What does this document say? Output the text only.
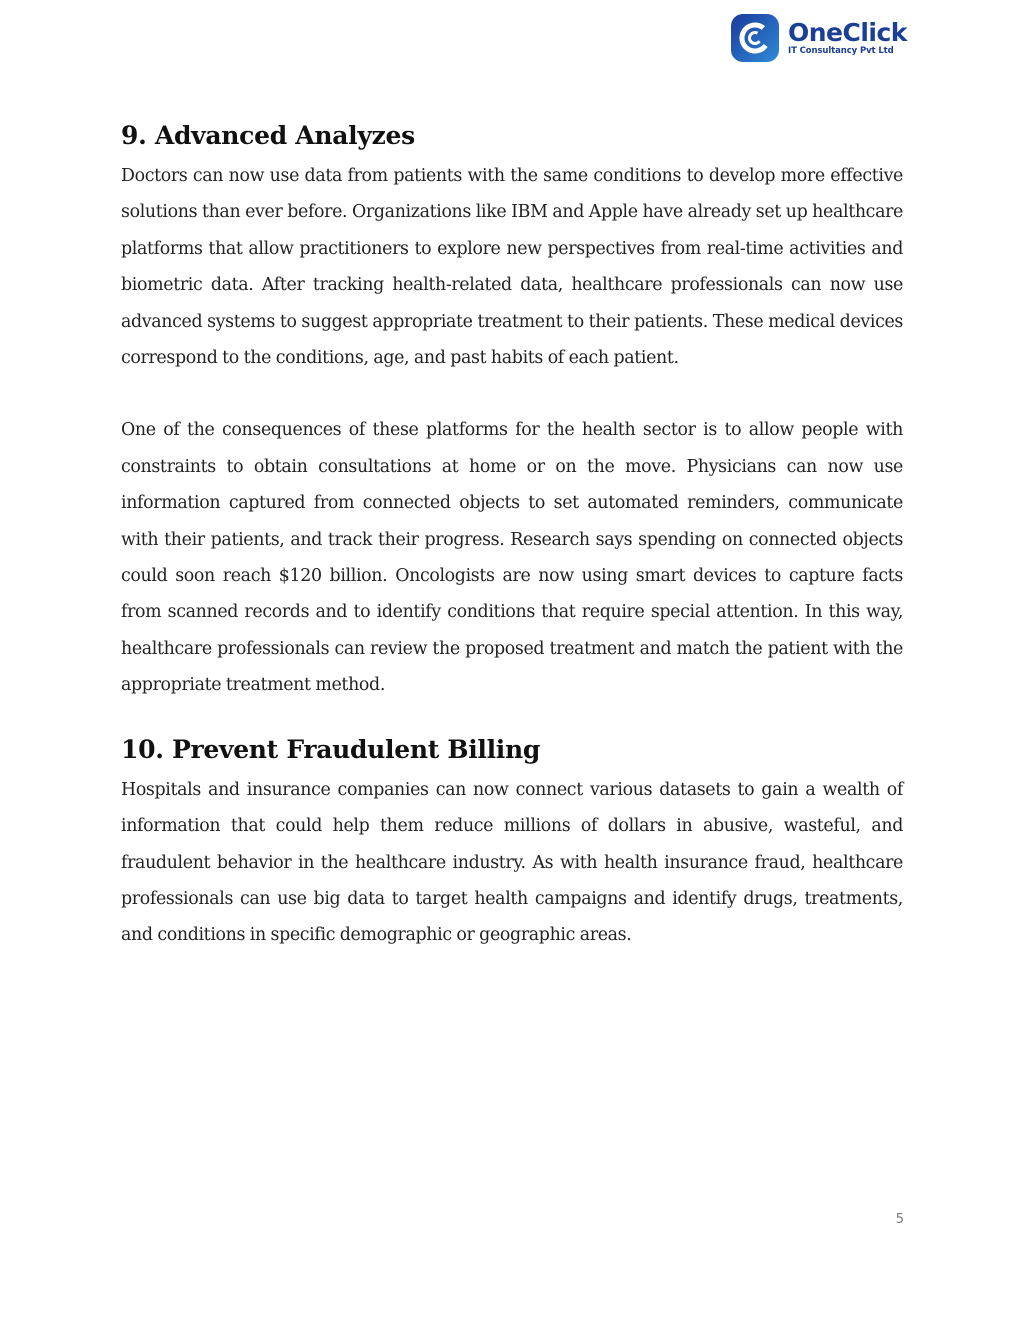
OneClick
IT Consultancy Pvt Ltd
9. Advanced Analyzes

Doctors can now use data from patients with the same conditions to develop more effective solutions than ever before. Organizations like IBM and Apple have already set up healthcare platforms that allow practitioners to explore new perspectives from real-time activities and biometric data. After tracking health-related data, healthcare professionals can now use advanced systems to suggest appropriate treatment to their patients. These medical devices correspond to the conditions, age, and past habits of each patient.

One of the consequences of these platforms for the health sector is to allow people with constraints to obtain consultations at home or on the move. Physicians can now use information captured from connected objects to set automated reminders, communicate with their patients, and track their progress. Research says spending on connected objects could soon reach $120 billion. Oncologists are now using smart devices to capture facts from scanned records and to identify conditions that require special attention. In this way, healthcare professionals can review the proposed treatment and match the patient with the appropriate treatment method.

10. Prevent Fraudulent Billing

Hospitals and insurance companies can now connect various datasets to gain a wealth of information that could help them reduce millions of dollars in abusive, wasteful, and fraudulent behavior in the healthcare industry. As with health insurance fraud, healthcare professionals can use big data to target health campaigns and identify drugs, treatments, and conditions in specific demographic or geographic areas.

5
